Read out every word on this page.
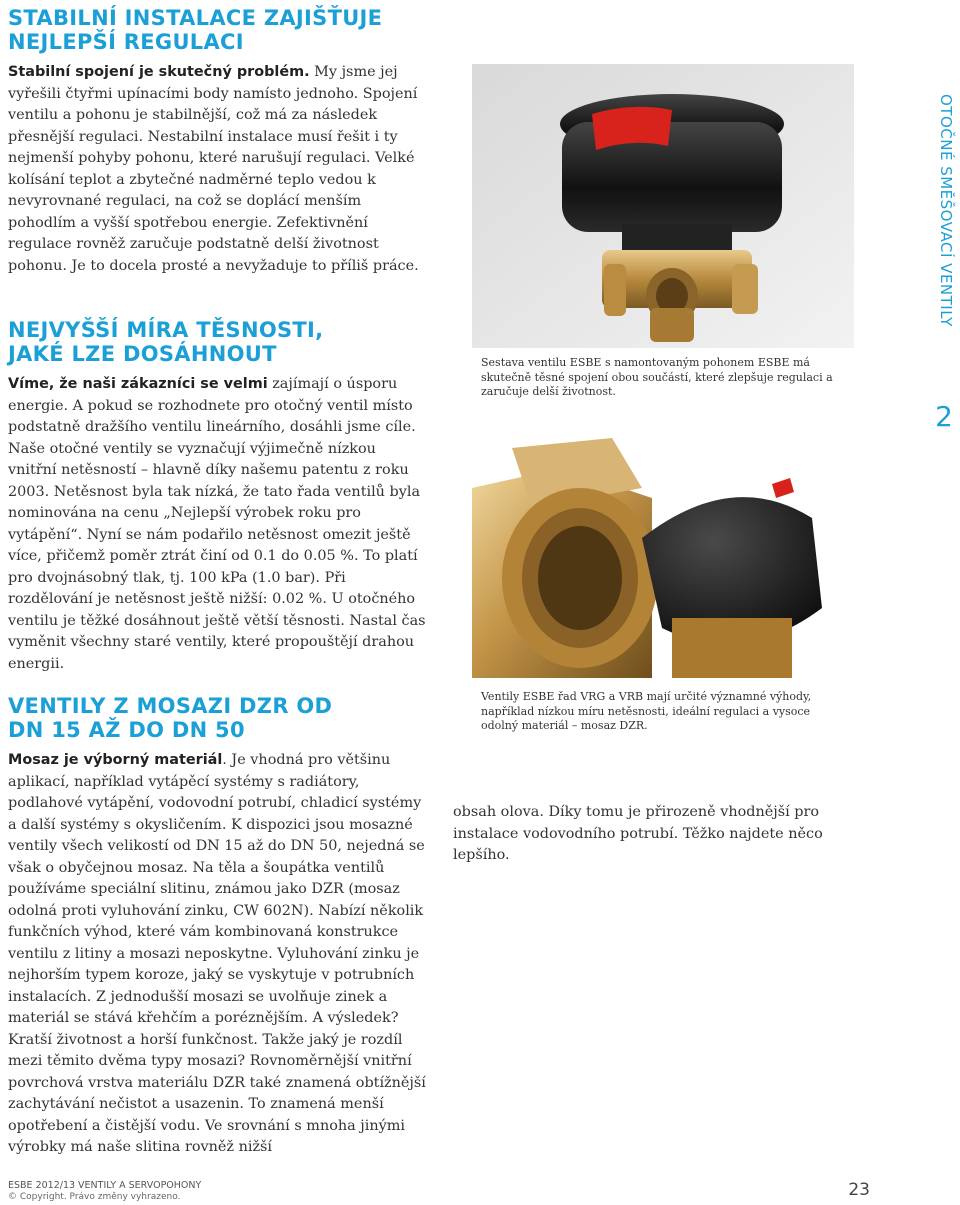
STABILNÍ INSTALACE ZAJIŠŤUJE
NEJLEPŠÍ REGULACI

Stabilní spojení je skutečný problém. My jsme jej vyřešili čtyřmi upínacími body namísto jednoho. Spojení ventilu a pohonu je stabilnější, což má za následek přesnější regulaci. Nestabilní instalace musí řešit i ty nejmenší pohyby pohonu, které narušují regulaci. Velké kolísání teplot a zbytečné nadměrné teplo vedou k nevyrovnané regulaci, na což se doplácí menším pohodlím a vyšší spotřebou energie. Zefektivnění regulace rovněž zaručuje podstatně delší životnost pohonu. Je to docela prosté a nevyžaduje to příliš práce.

NEJVYŠŠÍ MÍRA TĚSNOSTI,
JAKÉ LZE DOSÁHNOUT

Víme, že naši zákazníci se velmi zajímají o úsporu energie. A pokud se rozhodnete pro otočný ventil místo podstatně dražšího ventilu lineárního, dosáhli jsme cíle. Naše otočné ventily se vyznačují výjimečně nízkou vnitřní netěsností – hlavně díky našemu patentu z roku 2003. Netěsnost byla tak nízká, že tato řada ventilů byla nominována na cenu „Nejlepší výrobek roku pro vytápění“. Nyní se nám podařilo netěsnost omezit ještě více, přičemž poměr ztrát činí od 0.1 do 0.05 %. To platí pro dvojnásobný tlak, tj. 100 kPa (1.0 bar). Při rozdělování je netěsnost ještě nižší: 0.02 %. U otočného ventilu je těžké dosáhnout ještě větší těsnosti. Nastal čas vyměnit všechny staré ventily, které propouštějí drahou energii.

VENTILY Z MOSAZI DZR OD
DN 15 AŽ DO DN 50

Mosaz je výborný materiál. Je vhodná pro většinu aplikací, například vytápěcí systémy s radiátory, podlahové vytápění, vodovodní potrubí, chladicí systémy a další systémy s okysličením. K dispozici jsou mosazné ventily všech velikostí od DN 15 až do DN 50, nejedná se však o obyčejnou mosaz. Na těla a šoupátka ventilů používáme speciální slitinu, známou jako DZR (mosaz odolná proti vyluhování zinku, CW 602N). Nabízí několik funkčních výhod, které vám kombinovaná konstrukce ventilu z litiny a mosazi neposkytne. Vyluhování zinku je nejhorším typem koroze, jaký se vyskytuje v potrubních instalacích. Z jednodušší mosazi se uvolňuje zinek a materiál se stává křehčím a poréznějším. A výsledek? Kratší životnost a horší funkčnost. Takže jaký je rozdíl mezi těmito dvěma typy mosazi? Rovnoměrnější vnitřní povrchová vrstva materiálu DZR také znamená obtížnější zachytávání nečistot a usazenin. To znamená menší opotřebení a čistější vodu. Ve srovnání s mnoha jinými výrobky má naše slitina rovněž nižší

obsah olova. Díky tomu je přirozeně vhodnější pro instalace vodovodního potrubí. Těžko najdete něco lepšího.

Sestava ventilu ESBE s namontovaným pohonem ESBE má skutečně těsné spojení obou součástí, které zlepšuje regulaci a zaručuje delší životnost.
Ventily ESBE řad VRG a VRB mají určité významné výhody, například nízkou míru netěsnosti, ideální regulaci a vysoce odolný materiál – mosaz DZR.
OTOČNÉ SMĚŠOVACÍ VENTILY
2
ESBE 2012/13 VENTILY A SERVOPOHONY
© Copyright. Právo změny vyhrazeno.	23
